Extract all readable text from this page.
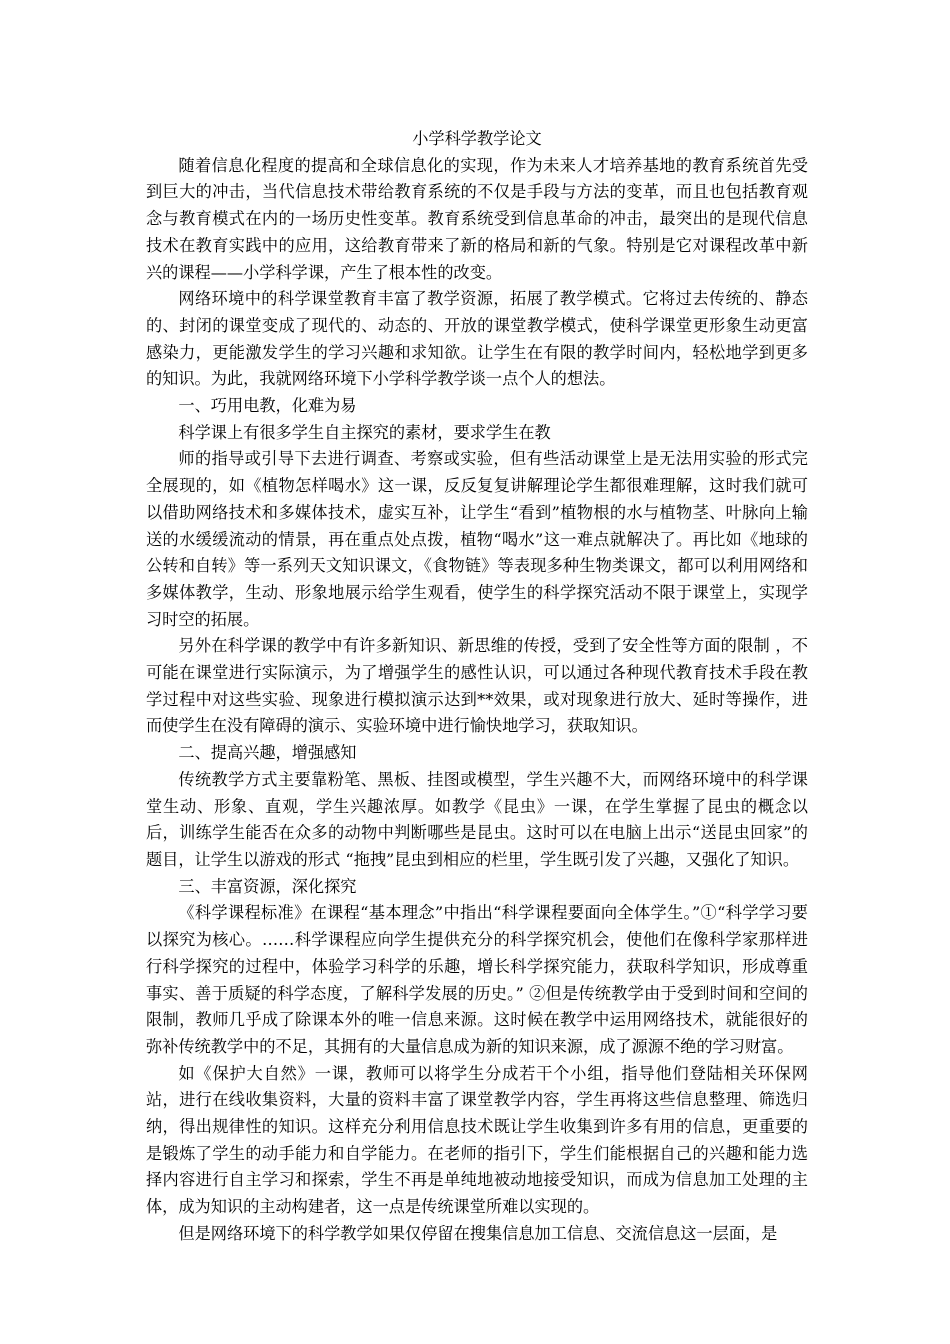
小学科学教学论文

随着信息化程度的提高和全球信息化的实现，作为未来人才培养基地的教育系统首先受到巨大的冲击，当代信息技术带给教育系统的不仅是手段与方法的变革，而且也包括教育观念与教育模式在内的一场历史性变革。教育系统受到信息革命的冲击，最突出的是现代信息技术在教育实践中的应用，这给教育带来了新的格局和新的气象。特别是它对课程改革中新兴的课程——小学科学课，产生了根本性的改变。

网络环境中的科学课堂教育丰富了教学资源，拓展了教学模式。它将过去传统的、静态的、封闭的课堂变成了现代的、动态的、开放的课堂教学模式，使科学课堂更形象生动更富感染力，更能激发学生的学习兴趣和求知欲。让学生在有限的教学时间内，轻松地学到更多的知识。为此，我就网络环境下小学科学教学谈一点个人的想法。

一、巧用电教，化难为易

科学课上有很多学生自主探究的素材，要求学生在教

师的指导或引导下去进行调查、考察或实验，但有些活动课堂上是无法用实验的形式完全展现的，如《植物怎样喝水》这一课，反反复复讲解理论学生都很难理解，这时我们就可以借助网络技术和多媒体技术，虚实互补，让学生“看到”植物根的水与植物茎、叶脉向上输送的水缓缓流动的情景，再在重点处点拨，植物“喝水”这一难点就解决了。再比如《地球的公转和自转》等一系列天文知识课文，《食物链》等表现多种生物类课文，都可以利用网络和多媒体教学，生动、形象地展示给学生观看，使学生的科学探究活动不限于课堂上，实现学习时空的拓展。

另外在科学课的教学中有许多新知识、新思维的传授，受到了安全性等方面的限制 ，不可能在课堂进行实际演示，为了增强学生的感性认识，可以通过各种现代教育技术手段在教学过程中对这些实验、现象进行模拟演示达到**效果，或对现象进行放大、延时等操作，进而使学生在没有障碍的演示、实验环境中进行愉快地学习，获取知识。

二、提高兴趣，增强感知

传统教学方式主要靠粉笔、黑板、挂图或模型，学生兴趣不大，而网络环境中的科学课堂生动、形象、直观，学生兴趣浓厚。如教学《昆虫》一课，在学生掌握了昆虫的概念以后，训练学生能否在众多的动物中判断哪些是昆虫。这时可以在电脑上出示“送昆虫回家”的题目，让学生以游戏的形式 “拖拽”昆虫到相应的栏里，学生既引发了兴趣，又强化了知识。

三、丰富资源，深化探究

《科学课程标准》在课程“基本理念”中指出“科学课程要面向全体学生。”①“科学学习要以探究为核心。……科学课程应向学生提供充分的科学探究机会，使他们在像科学家那样进行科学探究的过程中，体验学习科学的乐趣，增长科学探究能力，获取科学知识，形成尊重事实、善于质疑的科学态度，了解科学发展的历史。” ②但是传统教学由于受到时间和空间的限制，教师几乎成了除课本外的唯一信息来源。这时候在教学中运用网络技术，就能很好的弥补传统教学中的不足，其拥有的大量信息成为新的知识来源，成了源源不绝的学习财富。

如《保护大自然》一课，教师可以将学生分成若干个小组，指导他们登陆相关环保网站，进行在线收集资料，大量的资料丰富了课堂教学内容，学生再将这些信息整理、筛选归纳，得出规律性的知识。这样充分利用信息技术既让学生收集到许多有用的信息，更重要的是锻炼了学生的动手能力和自学能力。在老师的指引下，学生们能根据自己的兴趣和能力选择内容进行自主学习和探索，学生不再是单纯地被动地接受知识，而成为信息加工处理的主体，成为知识的主动构建者，这一点是传统课堂所难以实现的。

但是网络环境下的科学教学如果仅停留在搜集信息加工信息、交流信息这一层面，是
